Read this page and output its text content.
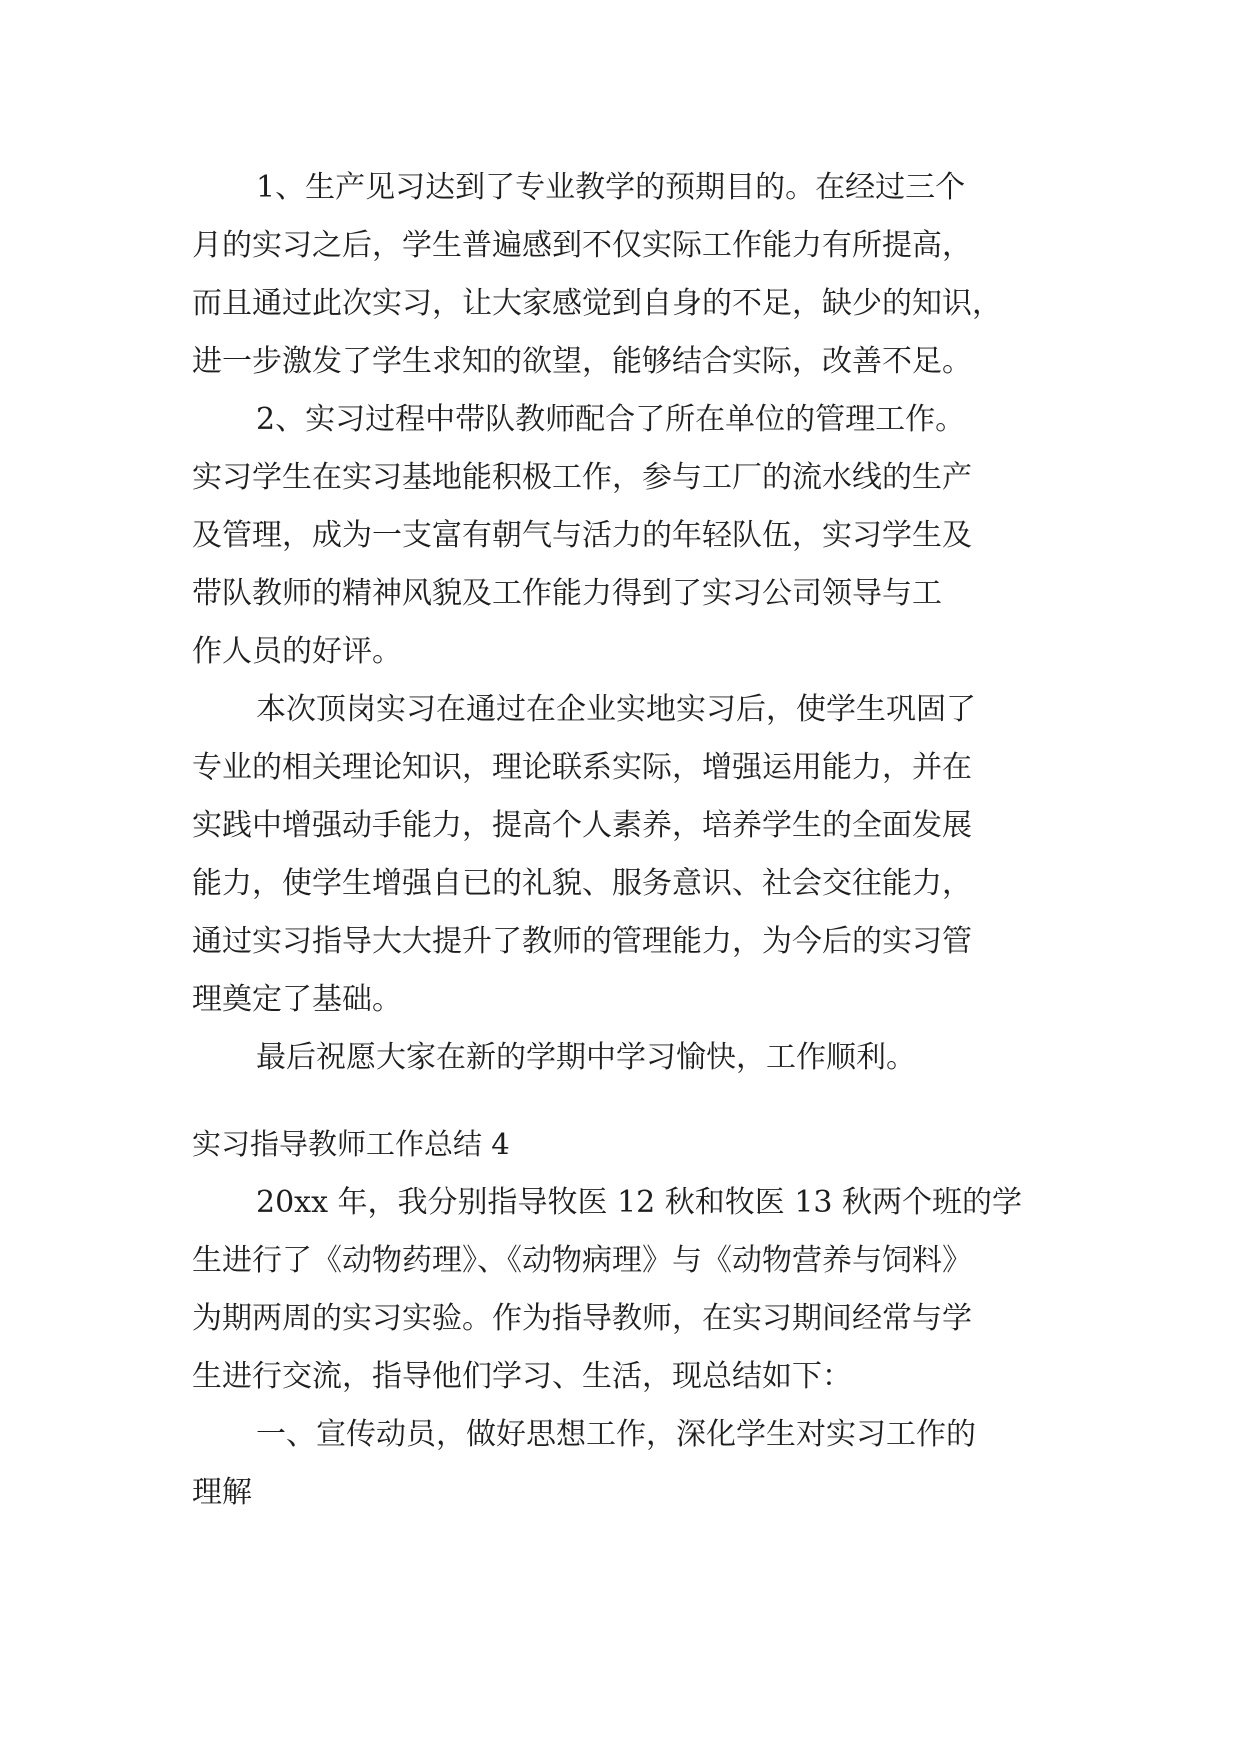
1、生产见习达到了专业教学的预期目的。在经过三个
月的实习之后，学生普遍感到不仅实际工作能力有所提高，
而且通过此次实习，让大家感觉到自身的不足，缺少的知识，
进一步激发了学生求知的欲望，能够结合实际，改善不足。
2、实习过程中带队教师配合了所在单位的管理工作。
实习学生在实习基地能积极工作，参与工厂的流水线的生产
及管理，成为一支富有朝气与活力的年轻队伍，实习学生及
带队教师的精神风貌及工作能力得到了实习公司领导与工
作人员的好评。
本次顶岗实习在通过在企业实地实习后，使学生巩固了
专业的相关理论知识，理论联系实际，增强运用能力，并在
实践中增强动手能力，提高个人素养，培养学生的全面发展
能力，使学生增强自已的礼貌、服务意识、社会交往能力，
通过实习指导大大提升了教师的管理能力，为今后的实习管
理奠定了基础。
最后祝愿大家在新的学期中学习愉快，工作顺利。
实习指导教师工作总结 4
20xx 年，我分别指导牧医 12 秋和牧医 13 秋两个班的学
生进行了《动物药理》、《动物病理》与《动物营养与饲料》
为期两周的实习实验。作为指导教师，在实习期间经常与学
生进行交流，指导他们学习、生活，现总结如下：
一、宣传动员，做好思想工作，深化学生对实习工作的
理解
